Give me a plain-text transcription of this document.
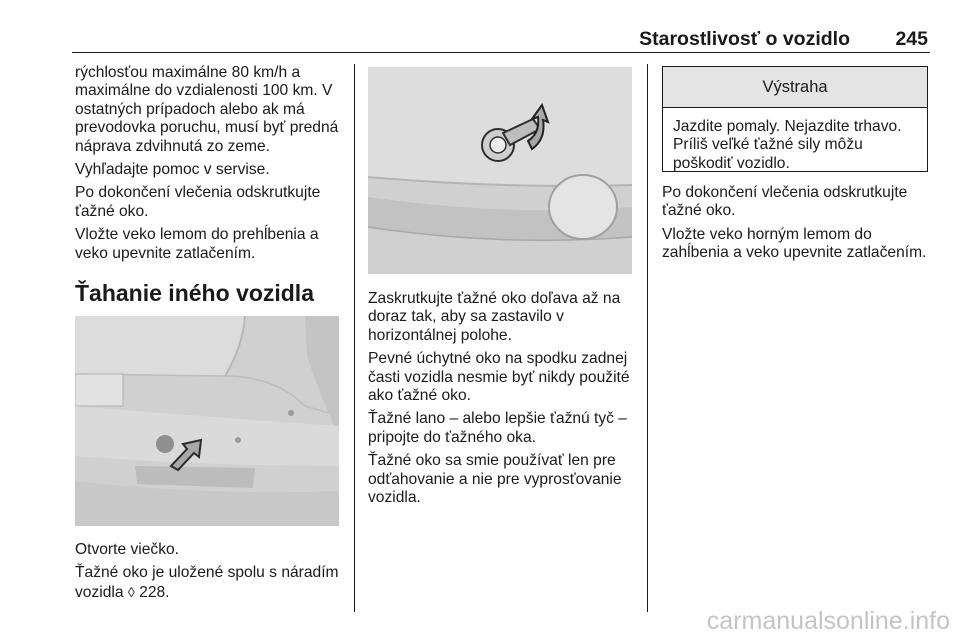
Starostlivosť o vozidlo 245

rýchlosťou maximálne 80 km/h a maximálne do vzdialenosti 100 km. V ostatných prípadoch alebo ak má prevodovka poruchu, musí byť predná náprava zdvihnutá zo zeme.

Vyhľadajte pomoc v servise.

Po dokončení vlečenia odskrutkujte ťažné oko.

Vložte veko lemom do prehĺbenia a veko upevnite zatlačením.

Ťahanie iného vozidla

Otvorte viečko.

Ťažné oko je uložené spolu s náradím vozidla ◊ 228.

Zaskrutkujte ťažné oko doľava až na doraz tak, aby sa zastavilo v horizontálnej polohe.

Pevné úchytné oko na spodku zadnej časti vozidla nesmie byť nikdy použité ako ťažné oko.

Ťažné lano – alebo lepšie ťažnú tyč – pripojte do ťažného oka.

Ťažné oko sa smie používať len pre odťahovanie a nie pre vyprosťovanie vozidla.

Výstraha
Jazdite pomaly. Nejazdite trhavo. Príliš veľké ťažné sily môžu poškodiť vozidlo.

Po dokončení vlečenia odskrutkujte ťažné oko.

Vložte veko horným lemom do zahĺbenia a veko upevnite zatlačením.

carmanualsonline.info
